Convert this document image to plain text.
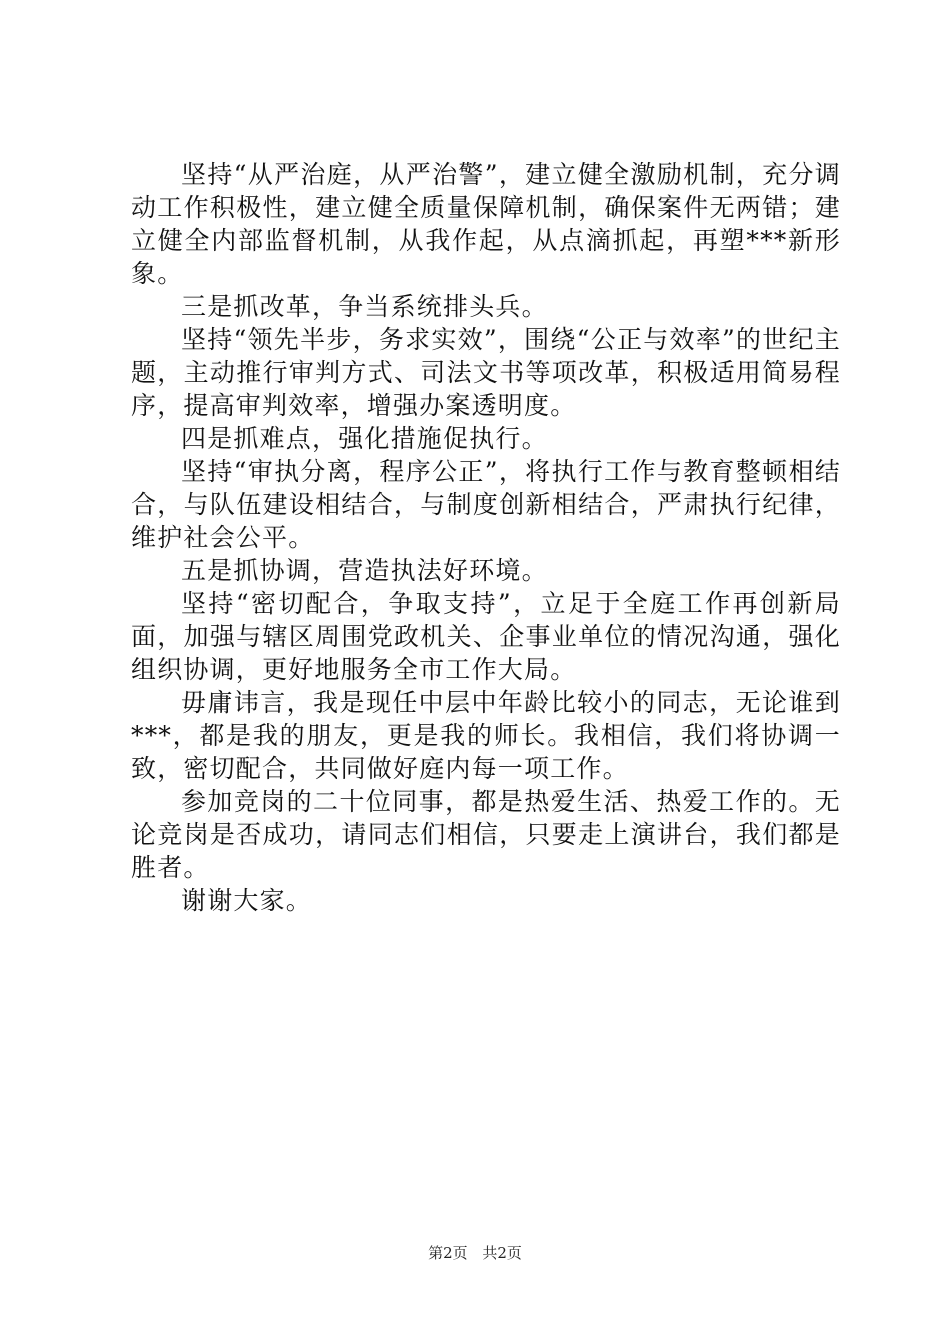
坚持“从严治庭，从严治警”，建立健全激励机制，充分调动工作积极性，建立健全质量保障机制，确保案件无两错；建立健全内部监督机制，从我作起，从点滴抓起，再塑***新形象。

三是抓改革，争当系统排头兵。

坚持“领先半步，务求实效”，围绕“公正与效率”的世纪主题，主动推行审判方式、司法文书等项改革，积极适用简易程序，提高审判效率，增强办案透明度。

四是抓难点，强化措施促执行。

坚持“审执分离，程序公正”，将执行工作与教育整顿相结合，与队伍建设相结合，与制度创新相结合，严肃执行纪律，维护社会公平。

五是抓协调，营造执法好环境。

坚持“密切配合，争取支持”，立足于全庭工作再创新局面，加强与辖区周围党政机关、企事业单位的情况沟通，强化组织协调，更好地服务全市工作大局。

毋庸讳言，我是现任中层中年龄比较小的同志，无论谁到***，都是我的朋友，更是我的师长。我相信，我们将协调一致，密切配合，共同做好庭内每一项工作。

参加竞岗的二十位同事，都是热爱生活、热爱工作的。无论竞岗是否成功，请同志们相信，只要走上演讲台，我们都是胜者。

谢谢大家。

第2页 共2页
